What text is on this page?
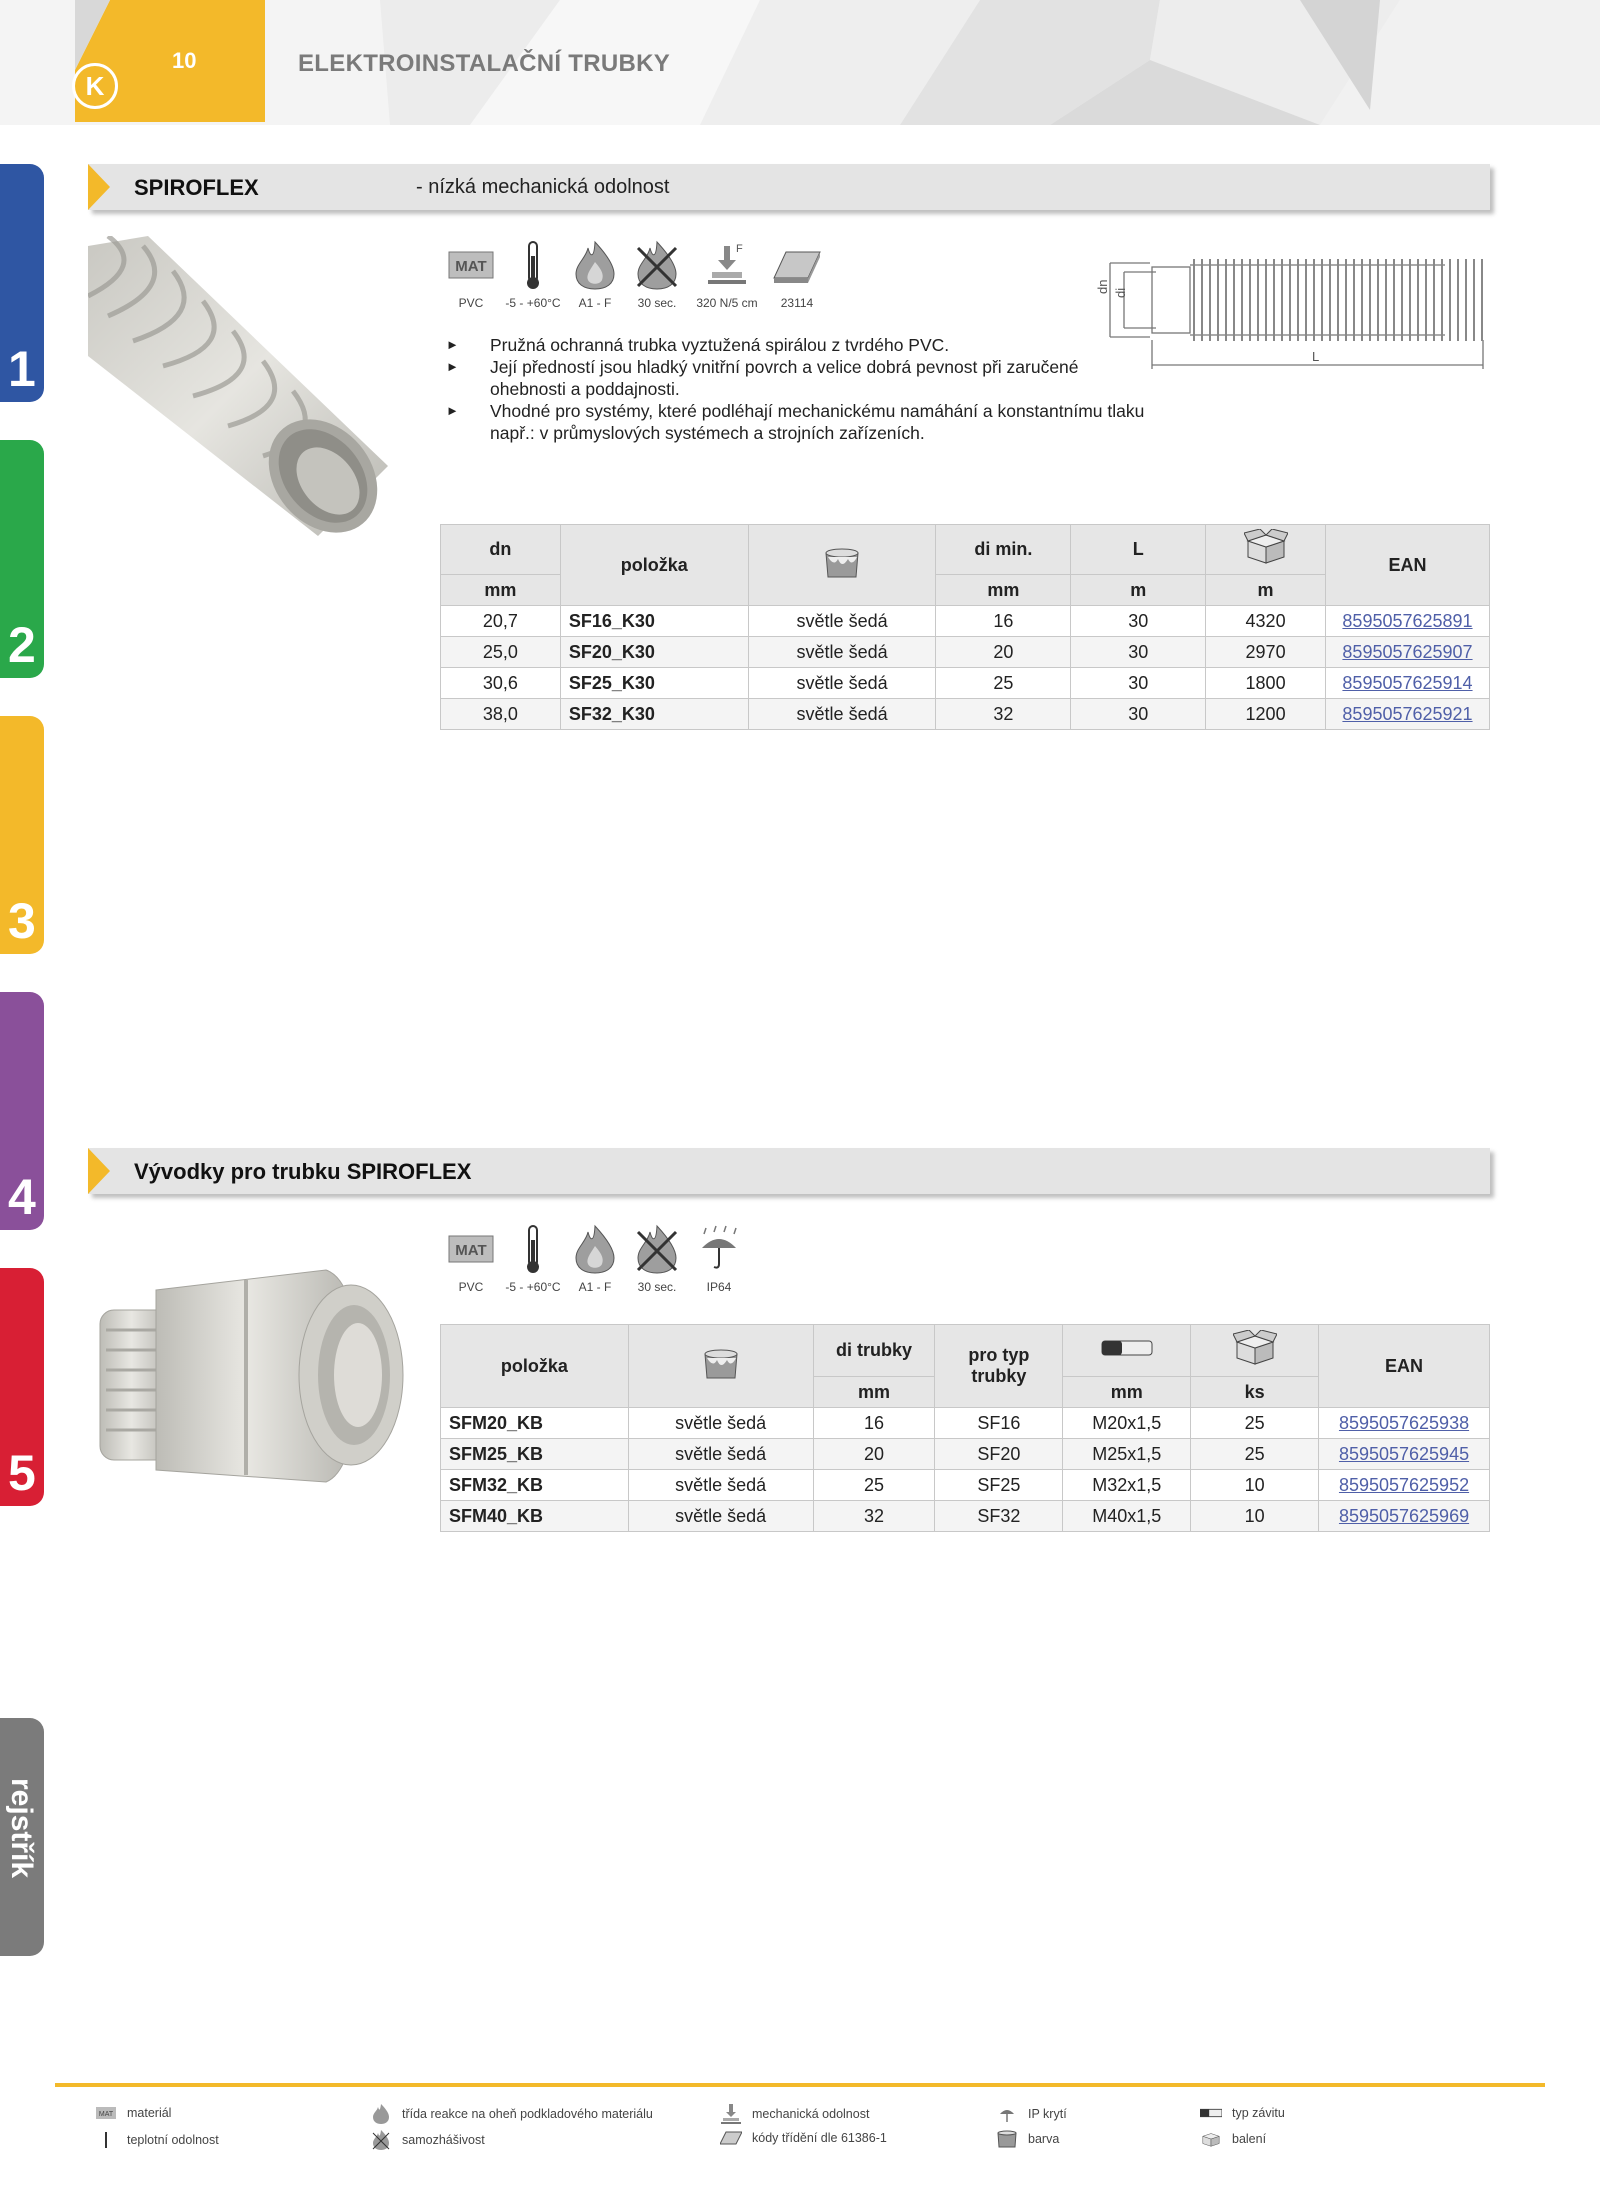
K
10	ELEKTROINSTALAČNÍ TRUBKY
1
2
3
4
5
rejstřík
SPIROFLEX	- nízká mechanická odolnost
MAT
PVC -5 - +60°C A1 - F 30 sec.
F
320 N/5 cm 23114
► Pružná ochranná trubka vyztužená spirálou z tvrdého PVC.
► Její předností jsou hladký vnitřní povrch a velice dobrá pevnost při zaručené ohebnosti a poddajnosti.
► Vhodné pro systémy, které podléhají mechanickému namáhání a konstantnímu tlaku např.: v průmyslových systémech a strojních zařízeních.
dn di
L
dn	položka		di min.	L		EAN
mm			mm	m	m	
20,7	SF16_K30	světle šedá	16	30	4320	8595057625891
25,0	SF20_K30	světle šedá	20	30	2970	8595057625907
30,6	SF25_K30	světle šedá	25	30	1800	8595057625914
38,0	SF32_K30	světle šedá	32	30	1200	8595057625921
Vývodky pro trubku SPIROFLEX
MAT
PVC -5 - +60°C A1 - F 30 sec.	IP64
položka		di trubky	pro typ trubky			EAN
		mm		mm	ks	
SFM20_KB	světle šedá	16	SF16	M20x1,5	25	8595057625938
SFM25_KB	světle šedá	20	SF20	M25x1,5	25	8595057625945
SFM32_KB	světle šedá	25	SF25	M32x1,5	10	8595057625952
SFM40_KB	světle šedá	32	SF32	M40x1,5	10	8595057625969
MAT materiál
teplotní odolnost
třída reakce na oheň podkladového materiálu
samozhášivost
mechanická odolnost
kódy třídění dle 61386-1
IP krytí
barva
typ závitu
balení
